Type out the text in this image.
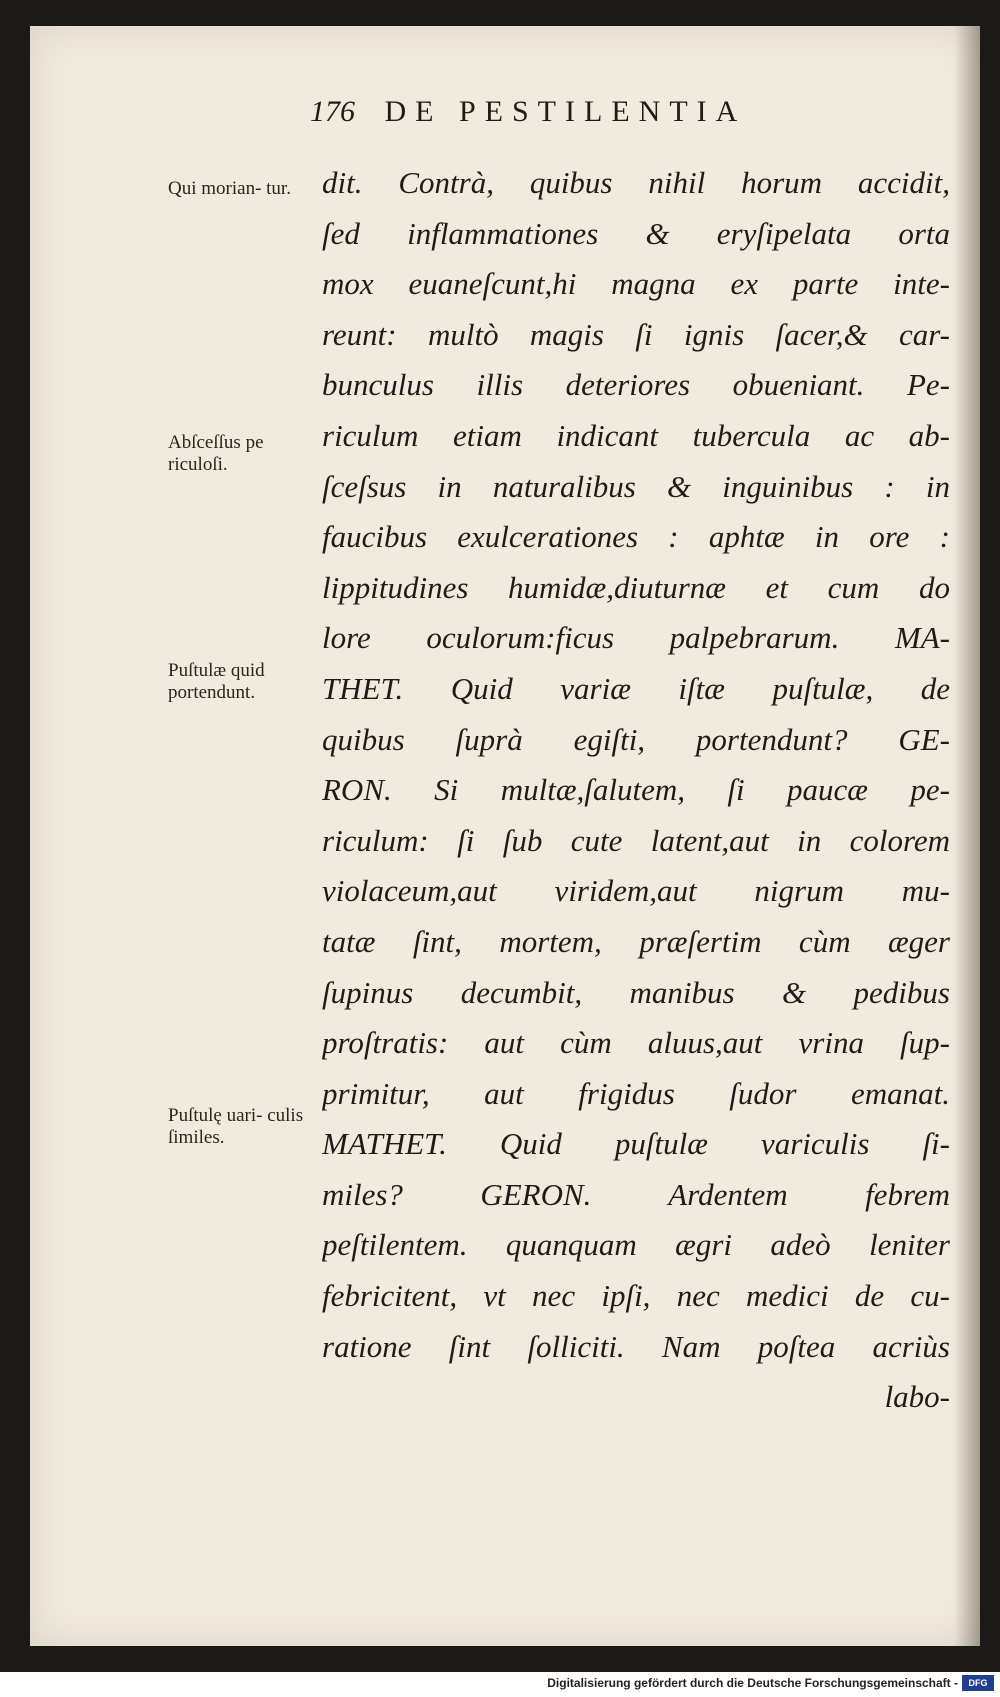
176 DE PESTILENTIA
Qui morian- tur.
Abſceſſus pe riculoſi.
Puſtulæ quid portendunt.
Puſtulę uari- culis ſimiles.
dit. Contrà, quibus nihil horum accidit,
ſed inflammationes & eryſipelata orta
mox euaneſcunt,hi magna ex parte inte-
reunt: multò magis ſi ignis ſacer,& car-
bunculus illis deteriores obueniant. Pe-
riculum etiam indicant tubercula ac ab-
ſceſsus in naturalibus & inguinibus : in
faucibus exulcerationes : aphtæ in ore :
lippitudines humidæ,diuturnæ et cum do
lore oculorum:ficus palpebrarum. MA-
THET. Quid variæ iſtæ puſtulæ, de
quibus ſuprà egiſti, portendunt? GE-
RON. Si multæ,ſalutem, ſi paucæ pe-
riculum: ſi ſub cute latent,aut in colorem
violaceum,aut viridem,aut nigrum mu-
tatæ ſint, mortem, præſertim cùm æger
ſupinus decumbit, manibus & pedibus
proſtratis: aut cùm aluus,aut vrina ſup-
primitur, aut frigidus ſudor emanat.
MATHET. Quid puſtulæ variculis ſi-
miles? GERON. Ardentem febrem
peſtilentem. quanquam ægri adeò leniter
febricitent, vt nec ipſi, nec medici de cu-
ratione ſint ſolliciti. Nam poſtea acriùs
labo-
Digitalisierung gefördert durch die Deutsche Forschungsgemeinschaft -	DFG
